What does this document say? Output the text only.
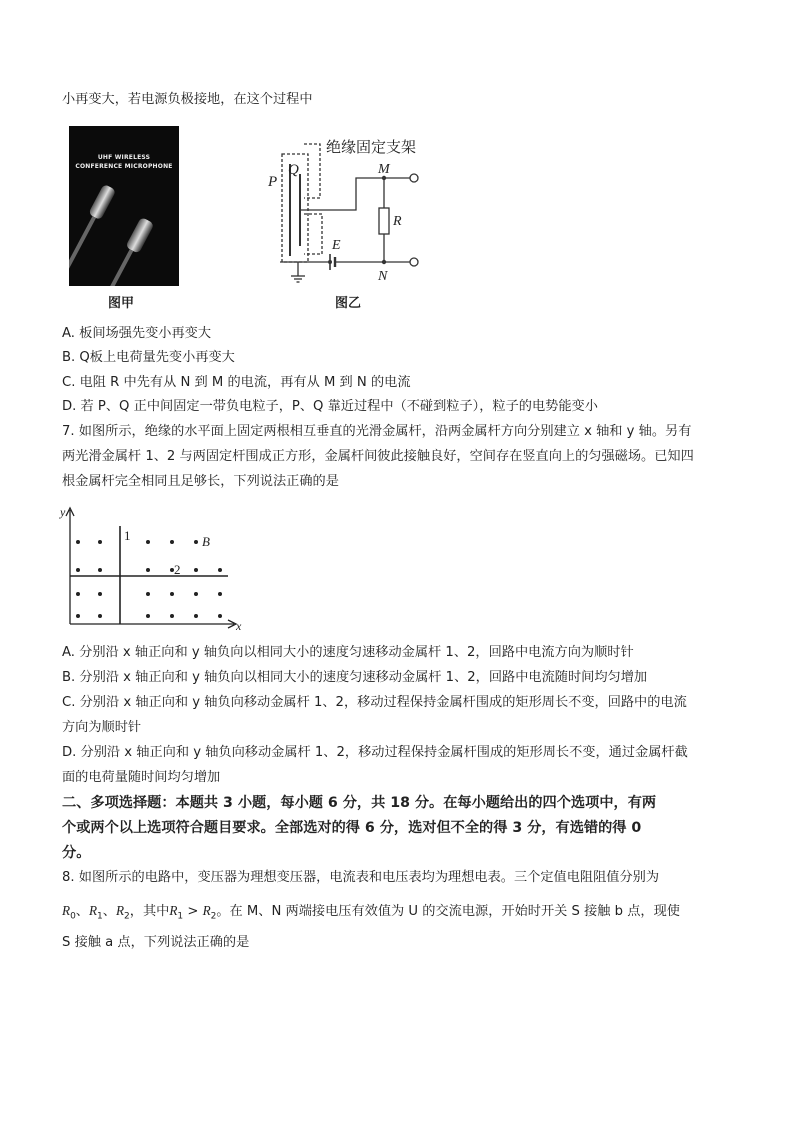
小再变大，若电源负极接地，在这个过程中
UHF WIRELESS
CONFERENCE MICROPHONE
图甲
绝缘固定支架
P
Q	M
R
E
N
图乙
A. 板间场强先变小再变大
B. Q板上电荷量先变小再变大
C. 电阻 R 中先有从 N 到 M 的电流，再有从 M 到 N 的电流
D. 若 P、Q 正中间固定一带负电粒子，P、Q 靠近过程中（不碰到粒子），粒子的电势能变小
7. 如图所示，绝缘的水平面上固定两根相互垂直的光滑金属杆，沿两金属杆方向分别建立 x 轴和 y 轴。另有
两光滑金属杆 1、2 与两固定杆围成正方形，金属杆间彼此接触良好，空间存在竖直向上的匀强磁场。已知四
根金属杆完全相同且足够长，下列说法正确的是
y
x
1
2
B
A. 分别沿 x 轴正向和 y 轴负向以相同大小的速度匀速移动金属杆 1、2，回路中电流方向为顺时针
B. 分别沿 x 轴正向和 y 轴负向以相同大小的速度匀速移动金属杆 1、2，回路中电流随时间均匀增加
C. 分别沿 x 轴正向和 y 轴负向移动金属杆 1、2，移动过程保持金属杆围成的矩形周长不变，回路中的电流
方向为顺时针
D. 分别沿 x 轴正向和 y 轴负向移动金属杆 1、2，移动过程保持金属杆围成的矩形周长不变，通过金属杆截
面的电荷量随时间均匀增加
二、多项选择题：本题共 3 小题，每小题 6 分，共 18 分。在每小题给出的四个选项中，有两
个或两个以上选项符合题目要求。全部选对的得 6 分，选对但不全的得 3 分，有选错的得 0
分。
8. 如图所示的电路中，变压器为理想变压器，电流表和电压表均为理想电表。三个定值电阻阻值分别为
$R_0$、$R_1$、$R_2$，其中$R_1 > R_2$。在 M、N 两端接电压有效值为 U 的交流电源，开始时开关 S 接触 b 点，现使
S 接触 a 点，下列说法正确的是
